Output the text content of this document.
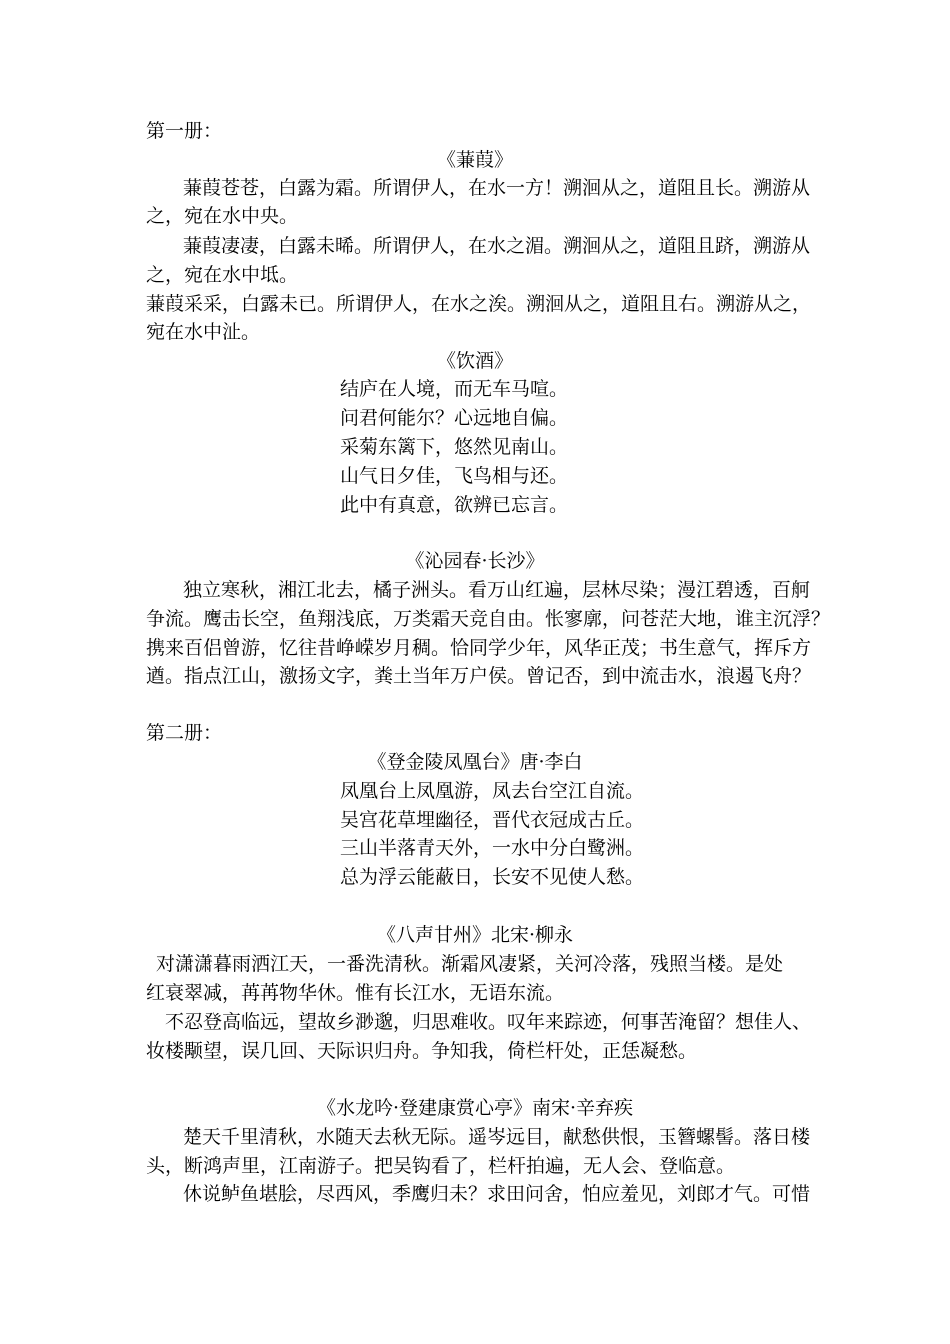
第一册：
《蒹葭》
蒹葭苍苍，白露为霜。所谓伊人，在水一方！溯洄从之，道阻且长。溯游从
之，宛在水中央。
蒹葭凄凄，白露未晞。所谓伊人，在水之湄。溯洄从之，道阻且跻，溯游从
之，宛在水中坻。
蒹葭采采，白露未已。所谓伊人，在水之涘。溯洄从之，道阻且右。溯游从之，
宛在水中沚。
《饮酒》
结庐在人境，而无车马喧。
问君何能尔？心远地自偏。
采菊东篱下，悠然见南山。
山气日夕佳，飞鸟相与还。
此中有真意，欲辨已忘言。
《沁园春·长沙》
独立寒秋，湘江北去，橘子洲头。看万山红遍，层林尽染；漫江碧透，百舸
争流。鹰击长空，鱼翔浅底，万类霜天竞自由。怅寥廓，问苍茫大地，谁主沉浮？
携来百侣曾游，忆往昔峥嵘岁月稠。恰同学少年，风华正茂；书生意气，挥斥方
遒。指点江山，激扬文字，粪土当年万户侯。曾记否，到中流击水，浪遏飞舟？
第二册：
《登金陵凤凰台》唐·李白
凤凰台上凤凰游，凤去台空江自流。
吴宫花草埋幽径，晋代衣冠成古丘。
三山半落青天外，一水中分白鹭洲。
总为浮云能蔽日，长安不见使人愁。
《八声甘州》北宋·柳永
对潇潇暮雨洒江天，一番洗清秋。渐霜风凄紧，关河冷落，残照当楼。是处
红衰翠减，苒苒物华休。惟有长江水，无语东流。
不忍登高临远，望故乡渺邈，归思难收。叹年来踪迹，何事苦淹留？想佳人、
妆楼颙望，误几回、天际识归舟。争知我，倚栏杆处，正恁凝愁。
《水龙吟·登建康赏心亭》南宋·辛弃疾
楚天千里清秋，水随天去秋无际。遥岑远目，献愁供恨，玉簪螺髻。落日楼
头，断鸿声里，江南游子。把吴钩看了，栏杆拍遍，无人会、登临意。
休说鲈鱼堪脍，尽西风，季鹰归未？求田问舍，怕应羞见，刘郎才气。可惜
